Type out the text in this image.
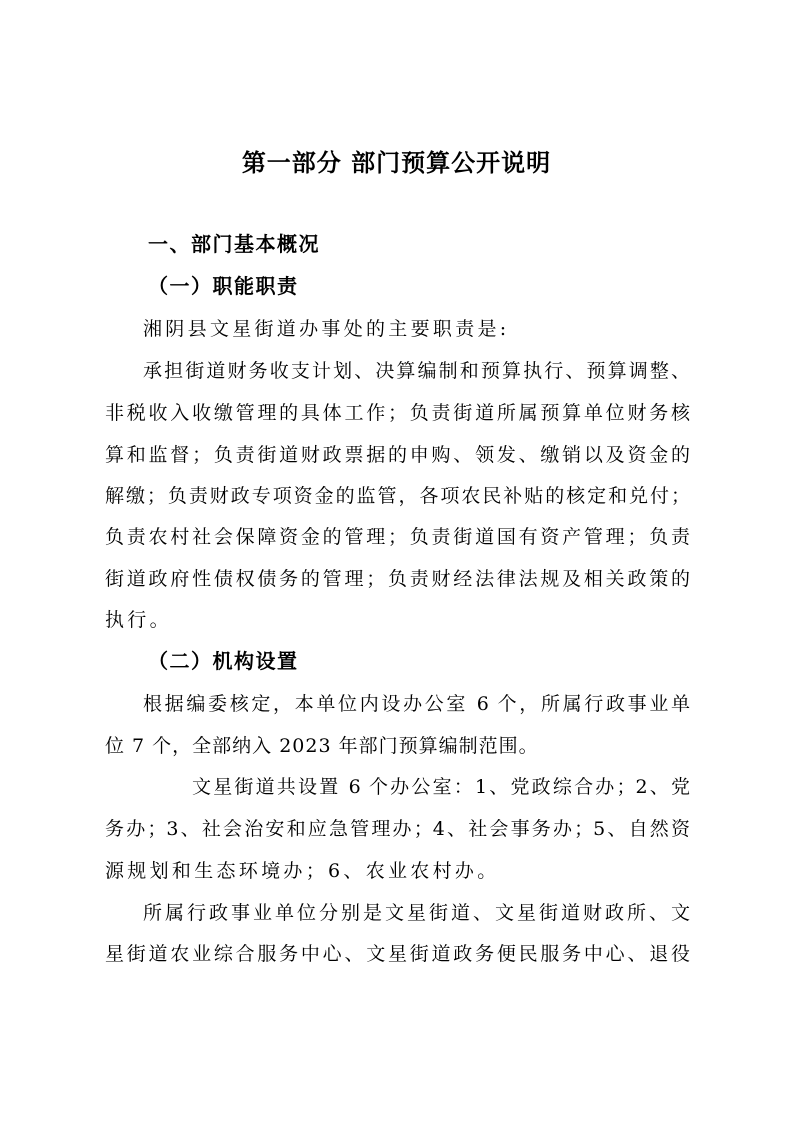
第一部分 部门预算公开说明
一、部门基本概况
（一）职能职责
湘阴县文星街道办事处的主要职责是:
承担街道财务收支计划、决算编制和预算执行、预算调整、
非税收入收缴管理的具体工作；负责街道所属预算单位财务核
算和监督；负责街道财政票据的申购、领发、缴销以及资金的
解缴；负责财政专项资金的监管，各项农民补贴的核定和兑付；
负责农村社会保障资金的管理；负责街道国有资产管理；负责
街道政府性债权债务的管理；负责财经法律法规及相关政策的
执行。
（二）机构设置
根据编委核定，本单位内设办公室 6 个，所属行政事业单
位 7 个，全部纳入 2023 年部门预算编制范围。
文星街道共设置 6 个办公室：1、党政综合办；2、党
务办；3、社会治安和应急管理办；4、社会事务办；5、自然资
源规划和生态环境办；6、农业农村办。
所属行政事业单位分别是文星街道、文星街道财政所、文
星街道农业综合服务中心、文星街道政务便民服务中心、退役
